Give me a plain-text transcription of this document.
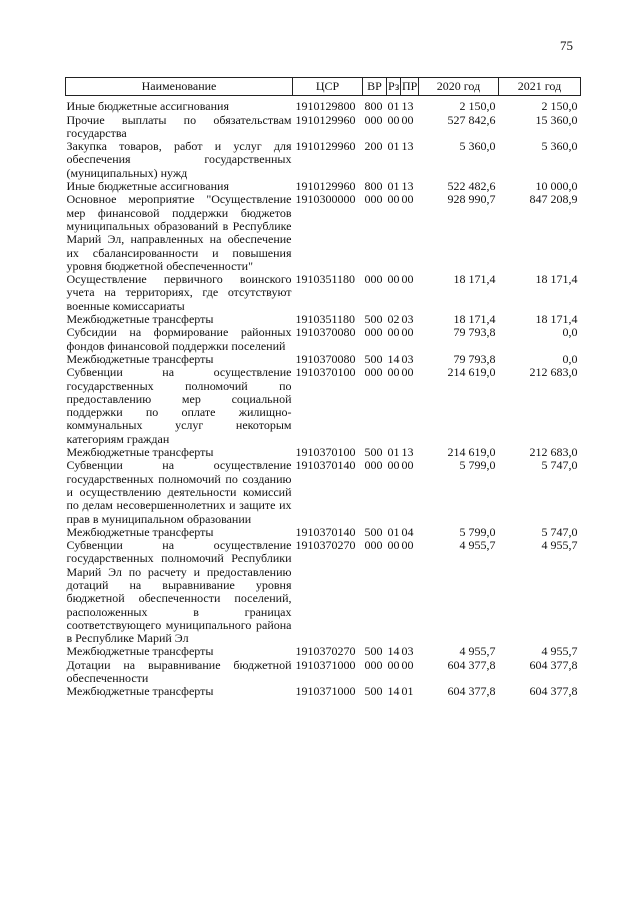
75
Наименование	ЦСР	ВР	Рз	ПР	2020 год	2021 год

Иные бюджетные ассигнования	1910129800	800	01	13	2 150,0	2 150,0
Прочие выплаты по обязательствам государства	1910129960	000	00	00	527 842,6	15 360,0
Закупка товаров, работ и услуг для обеспечения государственных (муниципальных) нужд	1910129960	200	01	13	5 360,0	5 360,0
Иные бюджетные ассигнования	1910129960	800	01	13	522 482,6	10 000,0
Основное мероприятие "Осуществление мер финансовой поддержки бюджетов муниципальных образований в Республике Марий Эл, направленных на обеспечение их сбалансированности и повышения уровня бюджетной обеспеченности"	1910300000	000	00	00	928 990,7	847 208,9
Осуществление первичного воинского учета на территориях, где отсутствуют военные комиссариаты	1910351180	000	00	00	18 171,4	18 171,4
Межбюджетные трансферты	1910351180	500	02	03	18 171,4	18 171,4
Субсидии на формирование районных фондов финансовой поддержки поселений	1910370080	000	00	00	79 793,8	0,0
Межбюджетные трансферты	1910370080	500	14	03	79 793,8	0,0
Субвенции на осуществление государственных полномочий по предоставлению мер социальной поддержки по оплате жилищно-коммунальных услуг некоторым категориям граждан	1910370100	000	00	00	214 619,0	212 683,0
Межбюджетные трансферты	1910370100	500	01	13	214 619,0	212 683,0
Субвенции на осуществление государственных полномочий по созданию и осуществлению деятельности комиссий по делам несовершеннолетних и защите их прав в муниципальном образовании	1910370140	000	00	00	5 799,0	5 747,0
Межбюджетные трансферты	1910370140	500	01	04	5 799,0	5 747,0
Субвенции на осуществление государственных полномочий Республики Марий Эл по расчету и предоставлению дотаций на выравнивание уровня бюджетной обеспеченности поселений, расположенных в границах соответствующего муниципального района в Республике Марий Эл	1910370270	000	00	00	4 955,7	4 955,7
Межбюджетные трансферты	1910370270	500	14	03	4 955,7	4 955,7
Дотации на выравнивание бюджетной обеспеченности	1910371000	000	00	00	604 377,8	604 377,8
Межбюджетные трансферты	1910371000	500	14	01	604 377,8	604 377,8
